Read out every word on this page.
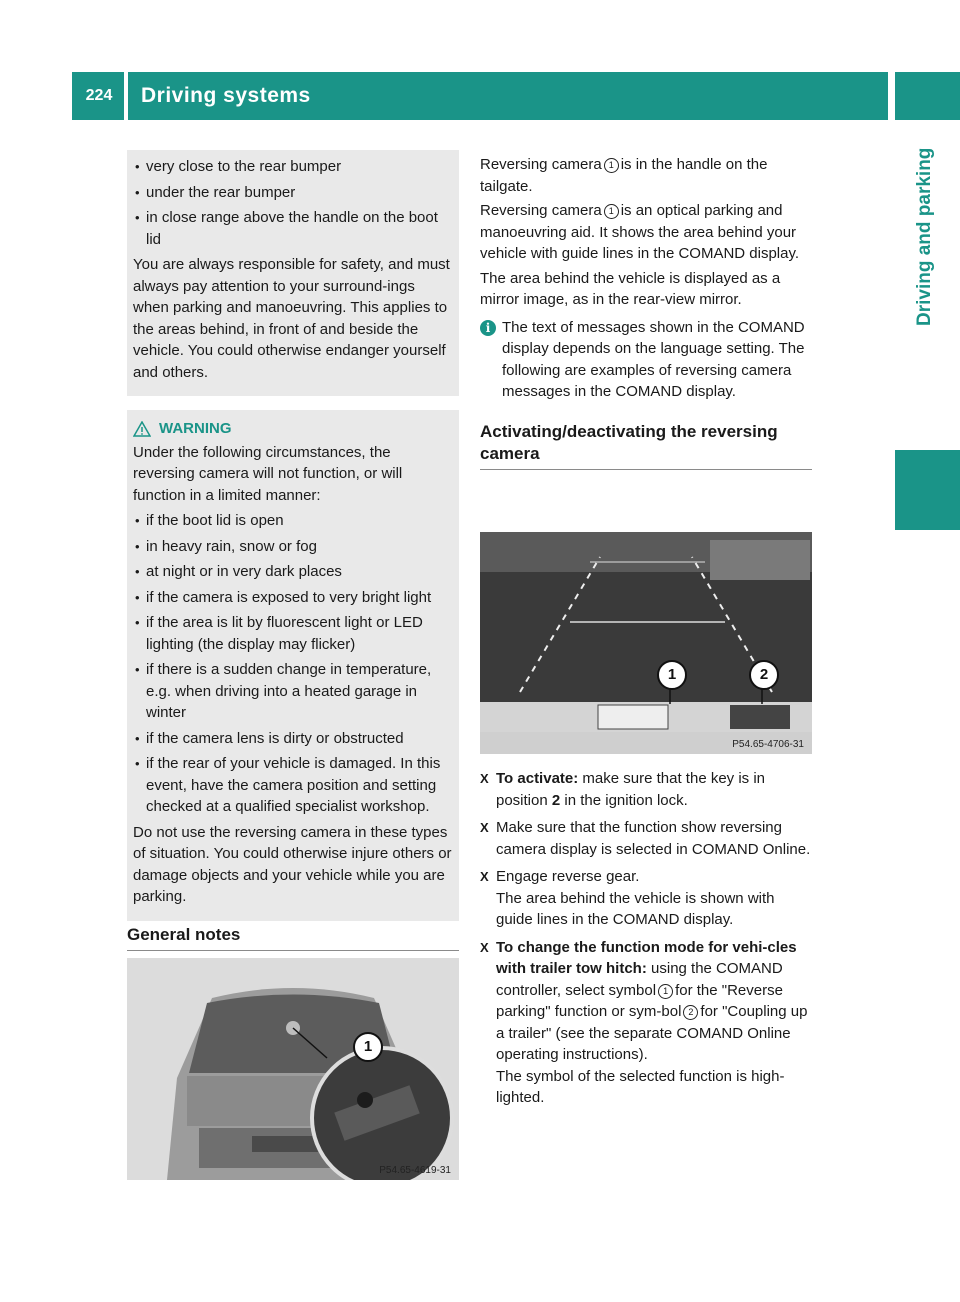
224	Driving systems
Driving and parking
• very close to the rear bumper
• under the rear bumper
• in close range above the handle on the boot lid

You are always responsible for safety, and must always pay attention to your surround-ings when parking and manoeuvring. This applies to the areas behind, in front of and beside the vehicle. You could otherwise endanger yourself and others.

WARNING

Under the following circumstances, the reversing camera will not function, or will function in a limited manner:

• if the boot lid is open
• in heavy rain, snow or fog
• at night or in very dark places
• if the camera is exposed to very bright light
• if the area is lit by fluorescent light or LED lighting (the display may flicker)
• if there is a sudden change in temperature, e.g. when driving into a heated garage in winter
• if the camera lens is dirty or obstructed
• if the rear of your vehicle is damaged. In this event, have the camera position and setting checked at a qualified specialist workshop.

Do not use the reversing camera in these types of situation. You could otherwise injure others or damage objects and your vehicle while you are parking.

General notes
1
P54.65-4619-31

Reversing camera 1 is in the handle on the tailgate.

Reversing camera 1 is an optical parking and manoeuvring aid. It shows the area behind your vehicle with guide lines in the COMAND display.

The area behind the vehicle is displayed as a mirror image, as in the rear-view mirror.

i The text of messages shown in the COMAND display depends on the language setting. The following are examples of reversing camera messages in the COMAND display.
Activating/deactivating the reversing camera
1	2
P54.65-4706-31
X To activate: make sure that the key is in position 2 in the ignition lock.
X Make sure that the function show reversing camera display is selected in COMAND Online.
X Engage reverse gear.
The area behind the vehicle is shown with guide lines in the COMAND display.
X To change the function mode for vehi-cles with trailer tow hitch: using the COMAND controller, select symbol 1 for the "Reverse parking" function or sym-bol 2 for "Coupling up a trailer" (see the separate COMAND Online operating instructions).
The symbol of the selected function is high-lighted.
